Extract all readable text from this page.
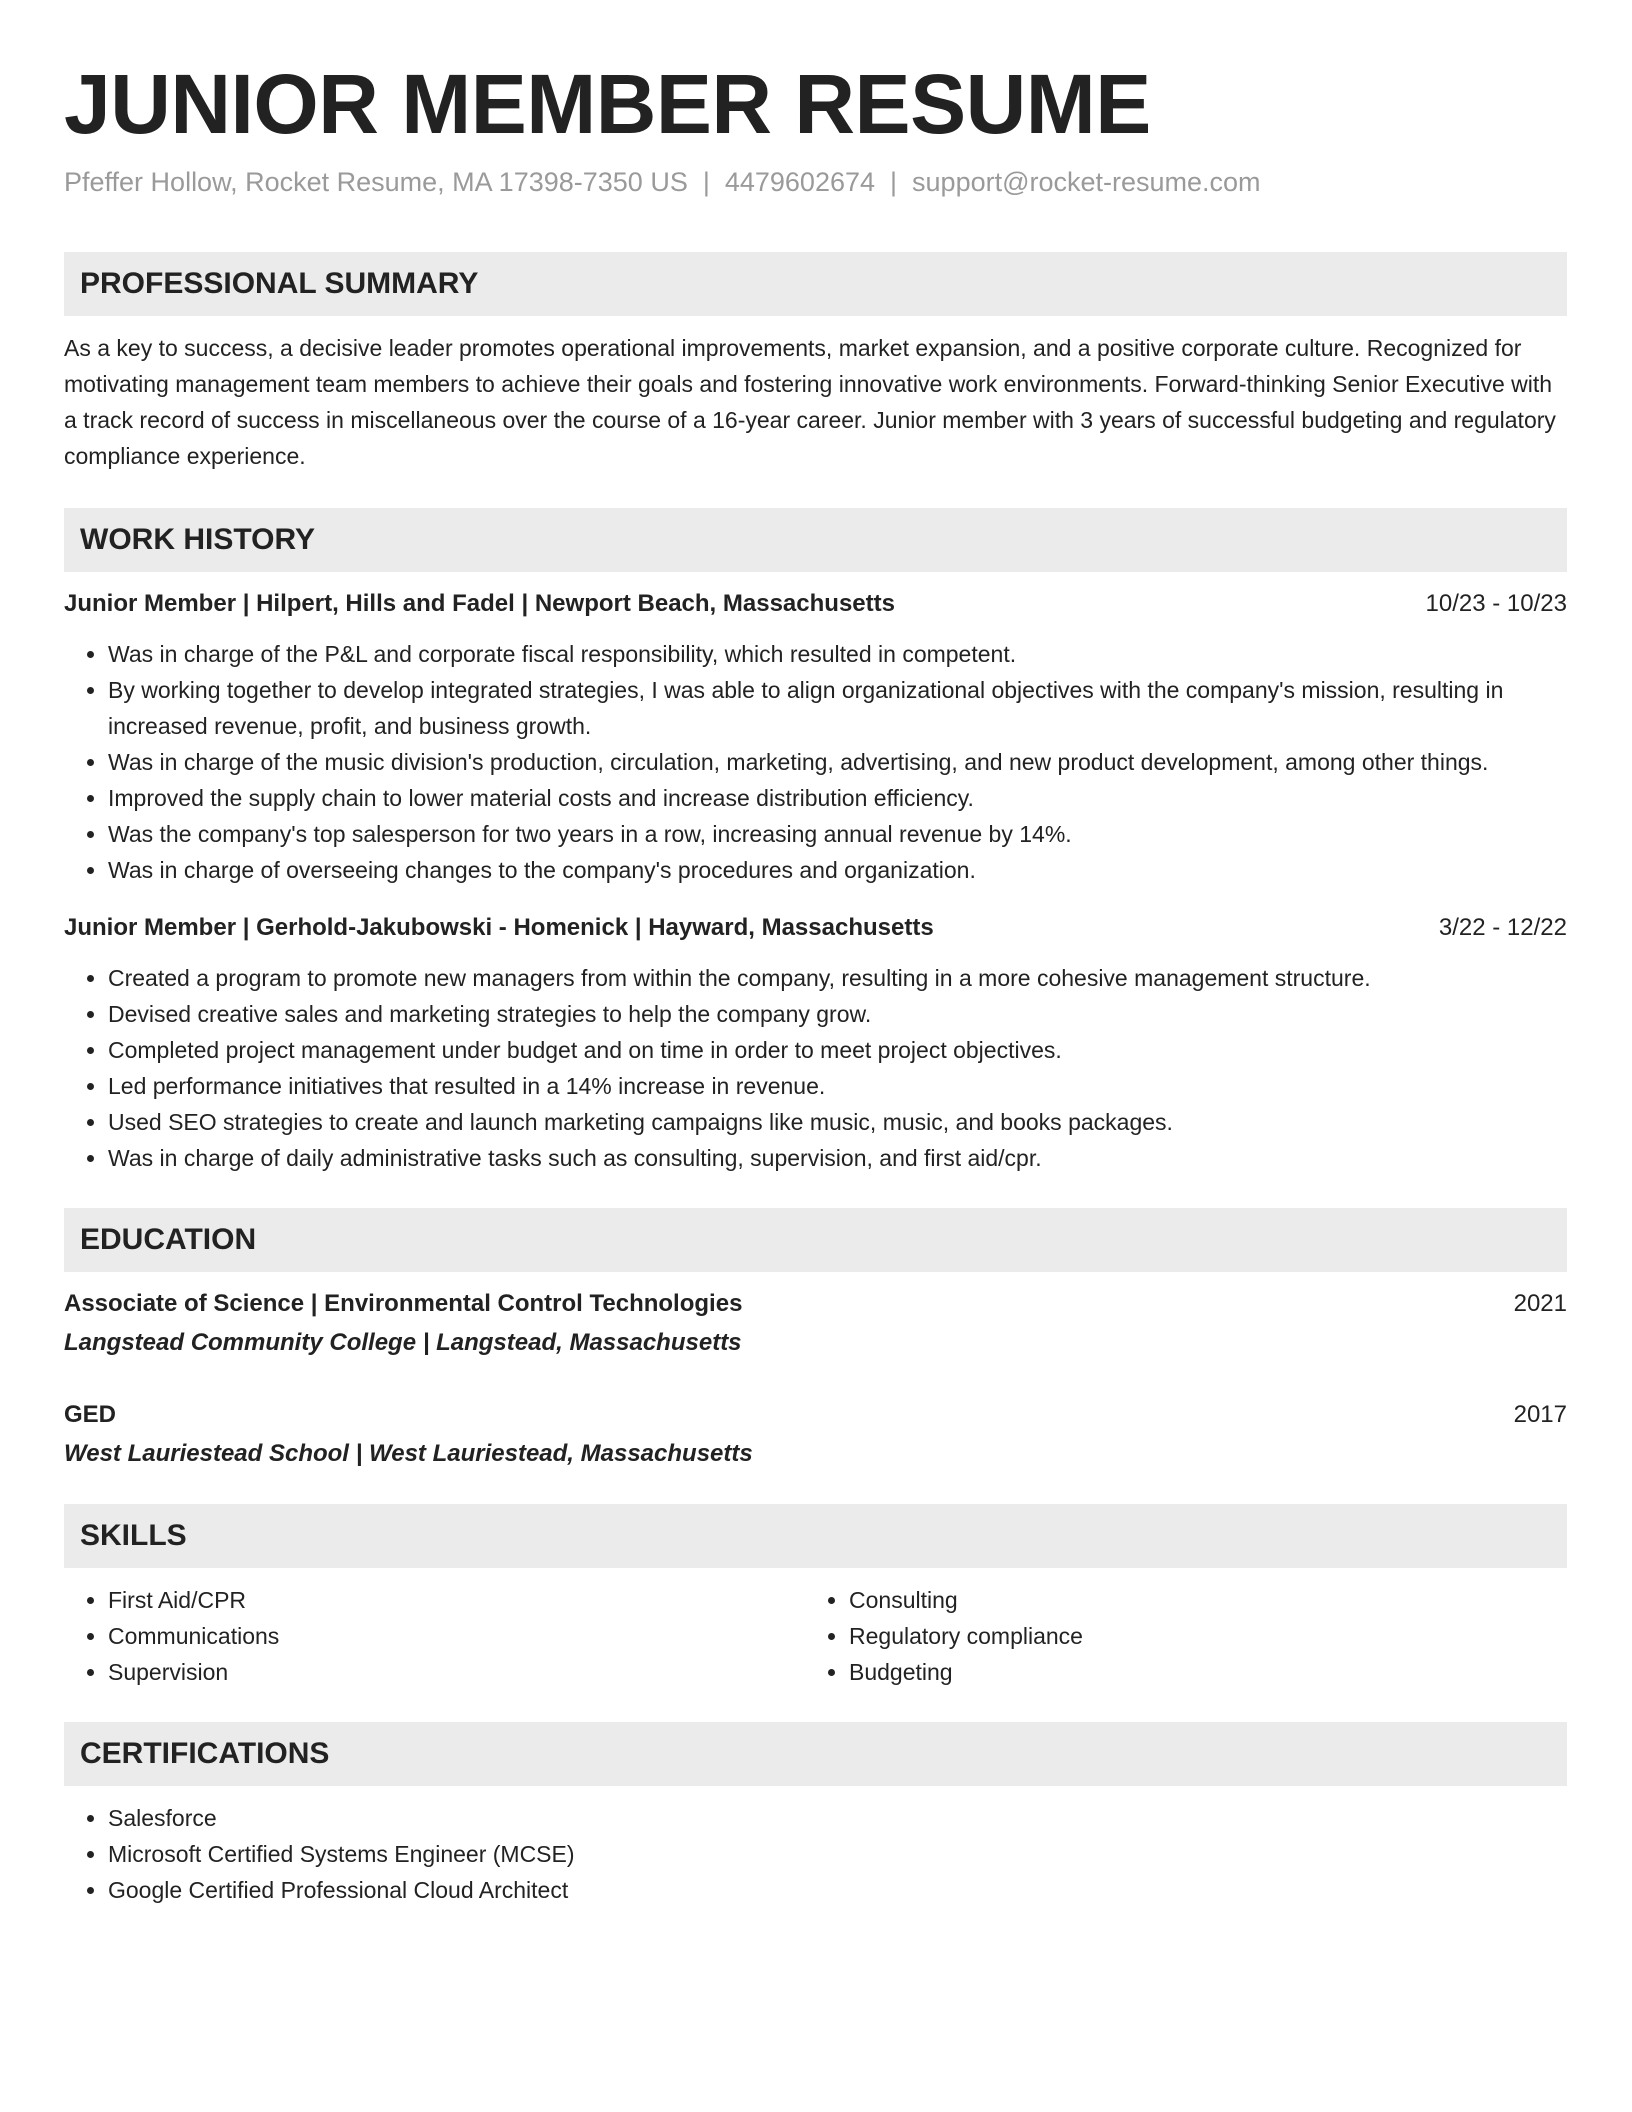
JUNIOR MEMBER RESUME
Pfeffer Hollow, Rocket Resume, MA 17398-7350 US | 4479602674 | support@rocket-resume.com
PROFESSIONAL SUMMARY
As a key to success, a decisive leader promotes operational improvements, market expansion, and a positive corporate culture. Recognized for motivating management team members to achieve their goals and fostering innovative work environments. Forward-thinking Senior Executive with a track record of success in miscellaneous over the course of a 16-year career. Junior member with 3 years of successful budgeting and regulatory compliance experience.
WORK HISTORY
Junior Member | Hilpert, Hills and Fadel | Newport Beach, Massachusetts	10/23 - 10/23
• Was in charge of the P&L and corporate fiscal responsibility, which resulted in competent.
• By working together to develop integrated strategies, I was able to align organizational objectives with the company's mission, resulting in increased revenue, profit, and business growth.
• Was in charge of the music division's production, circulation, marketing, advertising, and new product development, among other things.
• Improved the supply chain to lower material costs and increase distribution efficiency.
• Was the company's top salesperson for two years in a row, increasing annual revenue by 14%.
• Was in charge of overseeing changes to the company's procedures and organization.
Junior Member | Gerhold-Jakubowski - Homenick | Hayward, Massachusetts	3/22 - 12/22
• Created a program to promote new managers from within the company, resulting in a more cohesive management structure.
• Devised creative sales and marketing strategies to help the company grow.
• Completed project management under budget and on time in order to meet project objectives.
• Led performance initiatives that resulted in a 14% increase in revenue.
• Used SEO strategies to create and launch marketing campaigns like music, music, and books packages.
• Was in charge of daily administrative tasks such as consulting, supervision, and first aid/cpr.
EDUCATION
Associate of Science | Environmental Control Technologies	2021
Langstead Community College | Langstead, Massachusetts
GED	2017
West Lauriestead School | West Lauriestead, Massachusetts
SKILLS
• First Aid/CPR
• Communications
• Supervision
• Consulting
• Regulatory compliance
• Budgeting
CERTIFICATIONS
• Salesforce
• Microsoft Certified Systems Engineer (MCSE)
• Google Certified Professional Cloud Architect
